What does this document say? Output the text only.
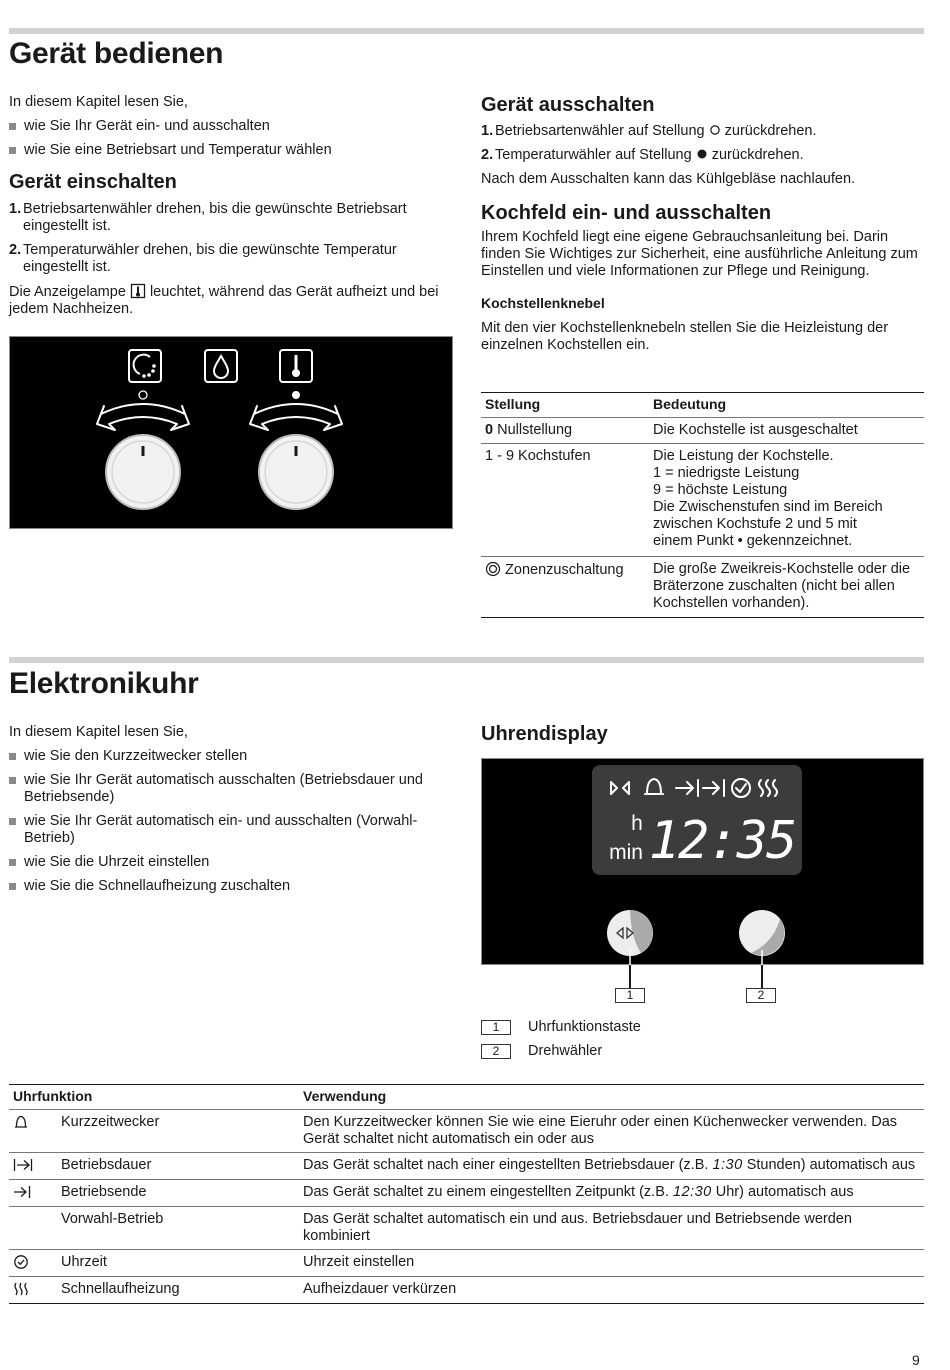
Gerät bedienen

In diesem Kapitel lesen Sie,

wie Sie Ihr Gerät ein- und ausschalten
wie Sie eine Betriebsart und Temperatur wählen
Gerät einschalten
1. Betriebsartenwähler drehen, bis die gewünschte Betriebsart eingestellt ist.
2. Temperaturwähler drehen, bis die gewünschte Temperatur eingestellt ist.

Die Anzeigelampe leuchtet, während das Gerät aufheizt und bei jedem Nachheizen.

Gerät ausschalten
1. Betriebsartenwähler auf Stellung zurückdrehen.
2. Temperaturwähler auf Stellung zurückdrehen.

Nach dem Ausschalten kann das Kühlgebläse nachlaufen.

Kochfeld ein- und ausschalten

Ihrem Kochfeld liegt eine eigene Gebrauchsanleitung bei. Darin finden Sie Wichtiges zur Sicherheit, eine ausführliche Anleitung zum Einstellen und viele Informationen zur Pflege und Reinigung.

Kochstellenknebel

Mit den vier Kochstellenknebeln stellen Sie die Heizleistung der einzelnen Kochstellen ein.

Stellung	Bedeutung
0 Nullstellung	Die Kochstelle ist ausgeschaltet
1 - 9 Kochstufen	Die Leistung der Kochstelle.
1 = niedrigste Leistung
9 = höchste Leistung
Die Zwischenstufen sind im Bereich zwischen Kochstufe 2 und 5 mit
einem Punkt • gekennzeichnet.

Zonenzuschaltung	Die große Zweikreis-Kochstelle oder die Bräterzone zuschalten (nicht bei allen Kochstellen vorhanden).
Elektronikuhr

In diesem Kapitel lesen Sie,

wie Sie den Kurzzeitwecker stellen
wie Sie Ihr Gerät automatisch ausschalten (Betriebsdauer und Betriebsende)
wie Sie Ihr Gerät automatisch ein- und ausschalten (Vorwahl-Betrieb)
wie Sie die Uhrzeit einstellen
wie Sie die Schnellaufheizung zuschalten
Uhrendisplay
h
min 12:35
1	2
1	Uhrfunktionstaste
2	Drehwähler
Uhrfunktion		Verwendung
	Kurzzeitwecker	Den Kurzzeitwecker können Sie wie eine Eieruhr oder einen Küchenwecker verwenden. Das Gerät schaltet nicht automatisch ein oder aus
	Betriebsdauer	Das Gerät schaltet nach einer eingestellten Betriebsdauer (z.B. 1:30 Stunden) automatisch aus
	Betriebsende	Das Gerät schaltet zu einem eingestellten Zeitpunkt (z.B. 12:30 Uhr) automatisch aus
	Vorwahl-Betrieb	Das Gerät schaltet automatisch ein und aus. Betriebsdauer und Betriebsende werden kombiniert
	Uhrzeit	Uhrzeit einstellen
	Schnellaufheizung	Aufheizdauer verkürzen
9
